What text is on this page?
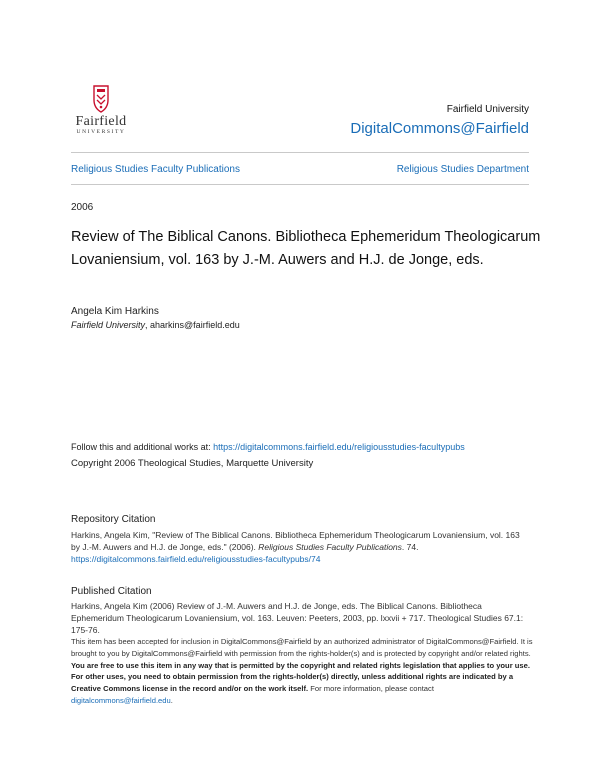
Fairfield
UNIVERSITY
Fairfield University
DigitalCommons@Fairfield
Religious Studies Faculty Publications	Religious Studies Department
2006
Review of The Biblical Canons. Bibliotheca Ephemeridum Theologicarum Lovaniensium, vol. 163 by J.-M. Auwers and H.J. de Jonge, eds.
Angela Kim Harkins
Fairfield University, aharkins@fairfield.edu
Follow this and additional works at: https://digitalcommons.fairfield.edu/religiousstudies-facultypubs
Copyright 2006 Theological Studies, Marquette University
Repository Citation
Harkins, Angela Kim, "Review of The Biblical Canons. Bibliotheca Ephemeridum Theologicarum Lovaniensium, vol. 163 by J.-M. Auwers and H.J. de Jonge, eds." (2006). Religious Studies Faculty Publications. 74.
https://digitalcommons.fairfield.edu/religiousstudies-facultypubs/74
Published Citation
Harkins, Angela Kim (2006) Review of J.-M. Auwers and H.J. de Jonge, eds. The Biblical Canons. Bibliotheca Ephemeridum Theologicarum Lovaniensium, vol. 163. Leuven: Peeters, 2003, pp. lxxvii + 717. Theological Studies 67.1: 175-76.
This item has been accepted for inclusion in DigitalCommons@Fairfield by an authorized administrator of DigitalCommons@Fairfield. It is brought to you by DigitalCommons@Fairfield with permission from the rights-holder(s) and is protected by copyright and/or related rights. You are free to use this item in any way that is permitted by the copyright and related rights legislation that applies to your use. For other uses, you need to obtain permission from the rights-holder(s) directly, unless additional rights are indicated by a Creative Commons license in the record and/or on the work itself. For more information, please contact digitalcommons@fairfield.edu.
